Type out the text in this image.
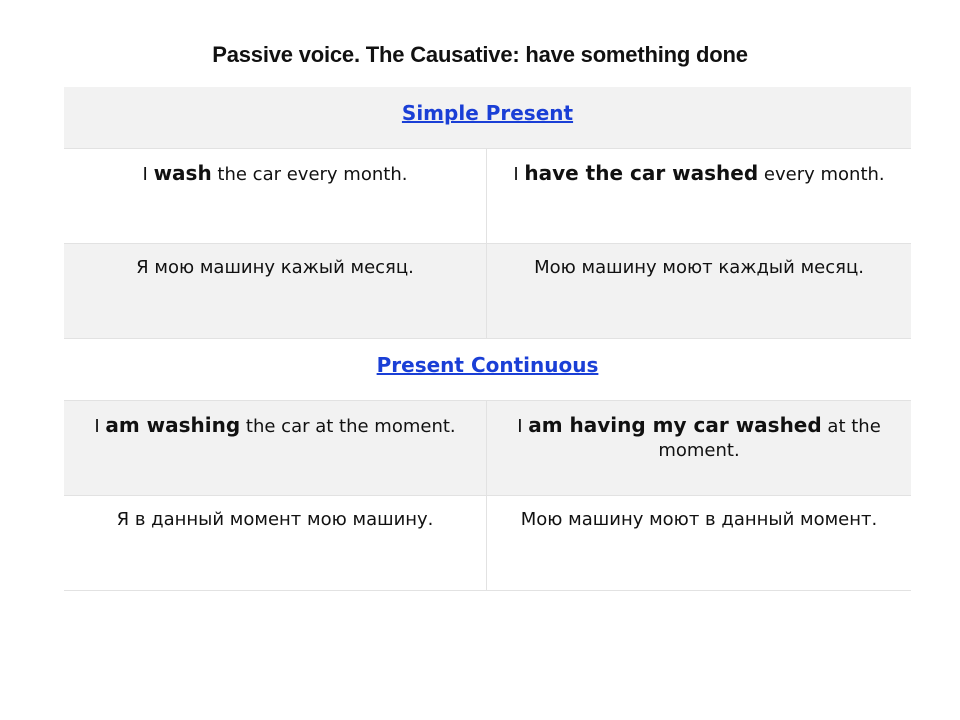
Passive voice. The Causative: have something done
Simple Present
I wash the car every month.	I have the car washed every month.
Я мою машину кажый месяц.	Мою машину моют каждый месяц.
Present Continuous
I am washing the car at the moment.	I am having my car washed at the moment.
Я в данный момент мою машину.	Мою машину моют в данный момент.
